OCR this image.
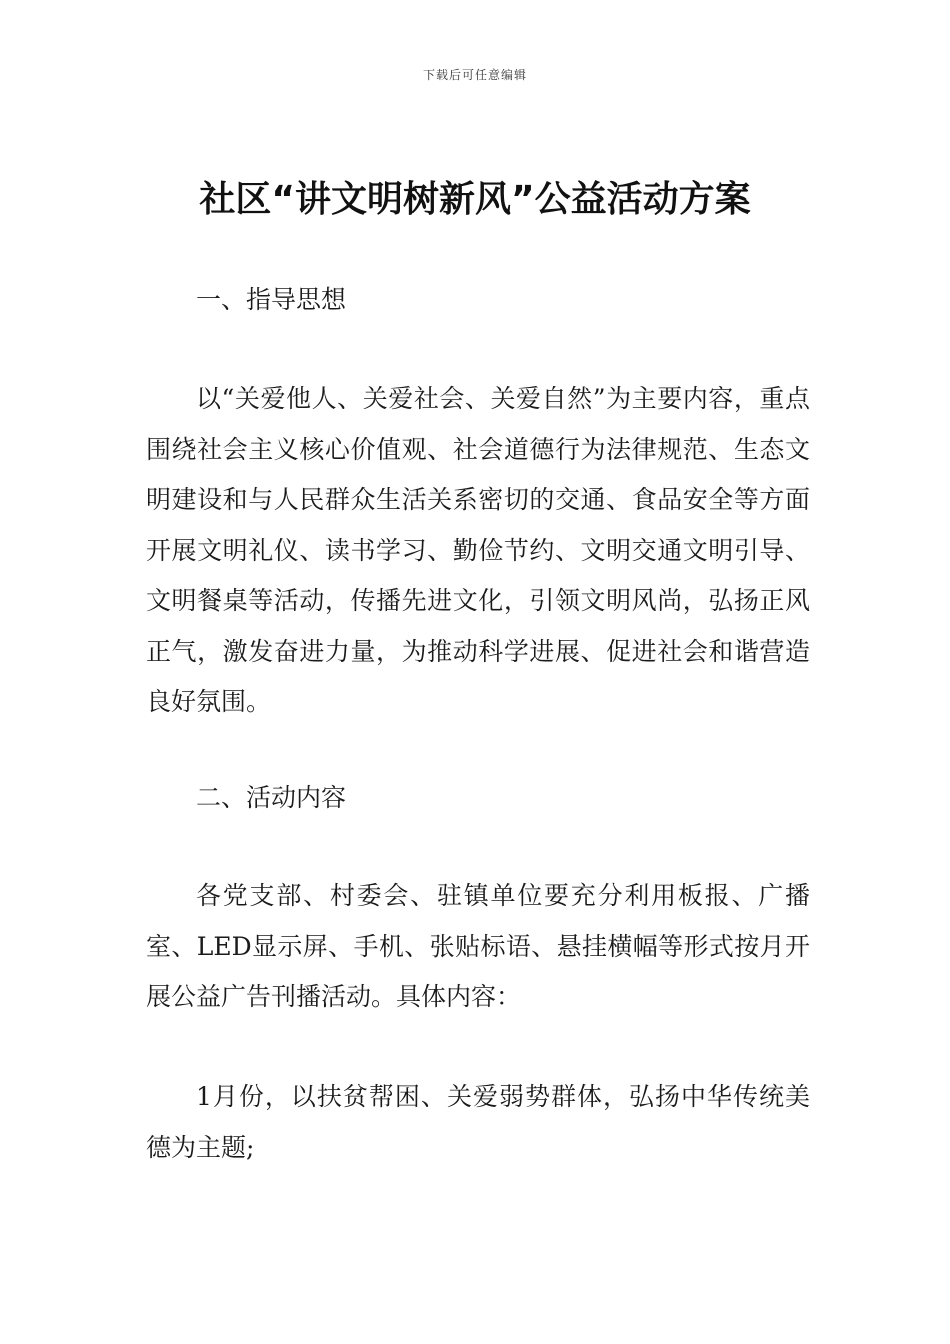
下载后可任意编辑
社区“讲文明树新风”公益活动方案
一、指导思想

以“关爱他人、关爱社会、关爱自然”为主要内容，重点围绕社会主义核心价值观、社会道德行为法律规范、生态文明建设和与人民群众生活关系密切的交通、食品安全等方面开展文明礼仪、读书学习、勤俭节约、文明交通文明引导、文明餐桌等活动，传播先进文化，引领文明风尚，弘扬正风正气，激发奋进力量，为推动科学进展、促进社会和谐营造良好氛围。

二、活动内容

各党支部、村委会、驻镇单位要充分利用板报、广播室、LED显示屏、手机、张贴标语、悬挂横幅等形式按月开展公益广告刊播活动。具体内容：

1月份，以扶贫帮困、关爱弱势群体，弘扬中华传统美德为主题;
